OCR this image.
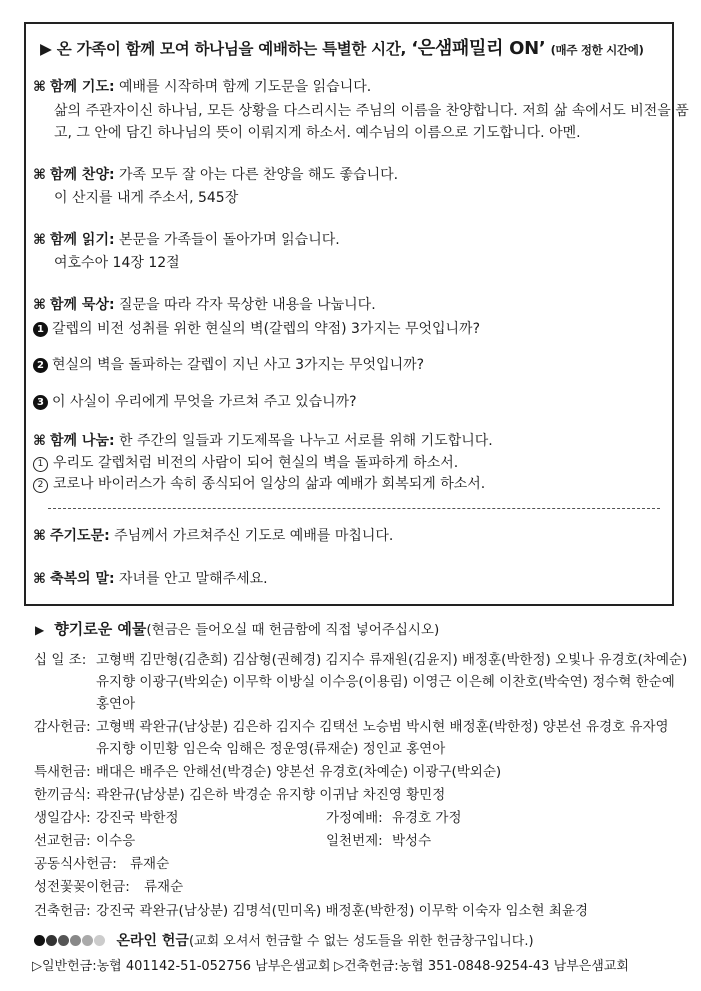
▶ 온 가족이 함께 모여 하나님을 예배하는 특별한 시간, ‘은샘패밀리 ON’ (매주 정한 시간에)
⌘ 함께 기도: 예배를 시작하며 함께 기도문을 읽습니다.
삶의 주관자이신 하나님, 모든 상황을 다스리시는 주님의 이름을 찬양합니다. 저희 삶 속에서도 비전을 품
고, 그 안에 담긴 하나님의 뜻이 이뤄지게 하소서. 예수님의 이름으로 기도합니다. 아멘.
⌘ 함께 찬양: 가족 모두 잘 아는 다른 찬양을 해도 좋습니다.
이 산지를 내게 주소서, 545장
⌘ 함께 읽기: 본문을 가족들이 돌아가며 읽습니다.
여호수아 14장 12절
⌘ 함께 묵상: 질문을 따라 각자 묵상한 내용을 나눕니다.
1 갈렙의 비전 성취를 위한 현실의 벽(갈렙의 약점) 3가지는 무엇입니까?
2 현실의 벽을 돌파하는 갈렙이 지닌 사고 3가지는 무엇입니까?
3 이 사실이 우리에게 무엇을 가르쳐 주고 있습니까?
⌘ 함께 나눔: 한 주간의 일들과 기도제목을 나누고 서로를 위해 기도합니다.
1 우리도 갈렙처럼 비전의 사람이 되어 현실의 벽을 돌파하게 하소서.
2 코로나 바이러스가 속히 종식되어 일상의 삶과 예배가 회복되게 하소서.
⌘ 주기도문: 주님께서 가르쳐주신 기도로 예배를 마칩니다.
⌘ 축복의 말: 자녀를 안고 말해주세요.
▶ 향기로운 예물(현금은 들어오실 때 헌금함에 직접 넣어주십시오)
십 일 조: 고형백 김만형(김춘희) 김삼형(권혜경) 김지수 류재원(김윤지) 배정훈(박한정) 오빛나 유경호(차예순)
유지향 이광구(박외순) 이무학 이방실 이수응(이용림) 이영근 이은혜 이찬호(박숙연) 정수혁 한순예
홍연아
감사헌금: 고형백 곽완규(남상분) 김은하 김지수 김택선 노승범 박시현 배정훈(박한정) 양본선 유경호 유자영
유지향 이민황 임은숙 임해은 정운영(류재순) 정인교 홍연아
특새헌금: 배대은 배주은 안해선(박경순) 양본선 유경호(차예순) 이광구(박외순)
한끼금식: 곽완규(남상분) 김은하 박경순 유지향 이귀남 차진영 황민정
생일감사: 강진국 박한정	가정예배: 유경호 가정
선교헌금: 이수응	일천번제: 박성수
공동식사헌금: 류재순
성전꽃꽂이헌금: 류재순
건축헌금: 강진국 곽완규(남상분) 김명석(민미옥) 배정훈(박한정) 이무학 이숙자 임소현 최윤경
온라인 헌금(교회 오셔서 헌금할 수 없는 성도들을 위한 헌금창구입니다.)
▷일반헌금:농협 401142-51-052756 남부은샘교회 ▷건축헌금:농협 351-0848-9254-43 남부은샘교회
